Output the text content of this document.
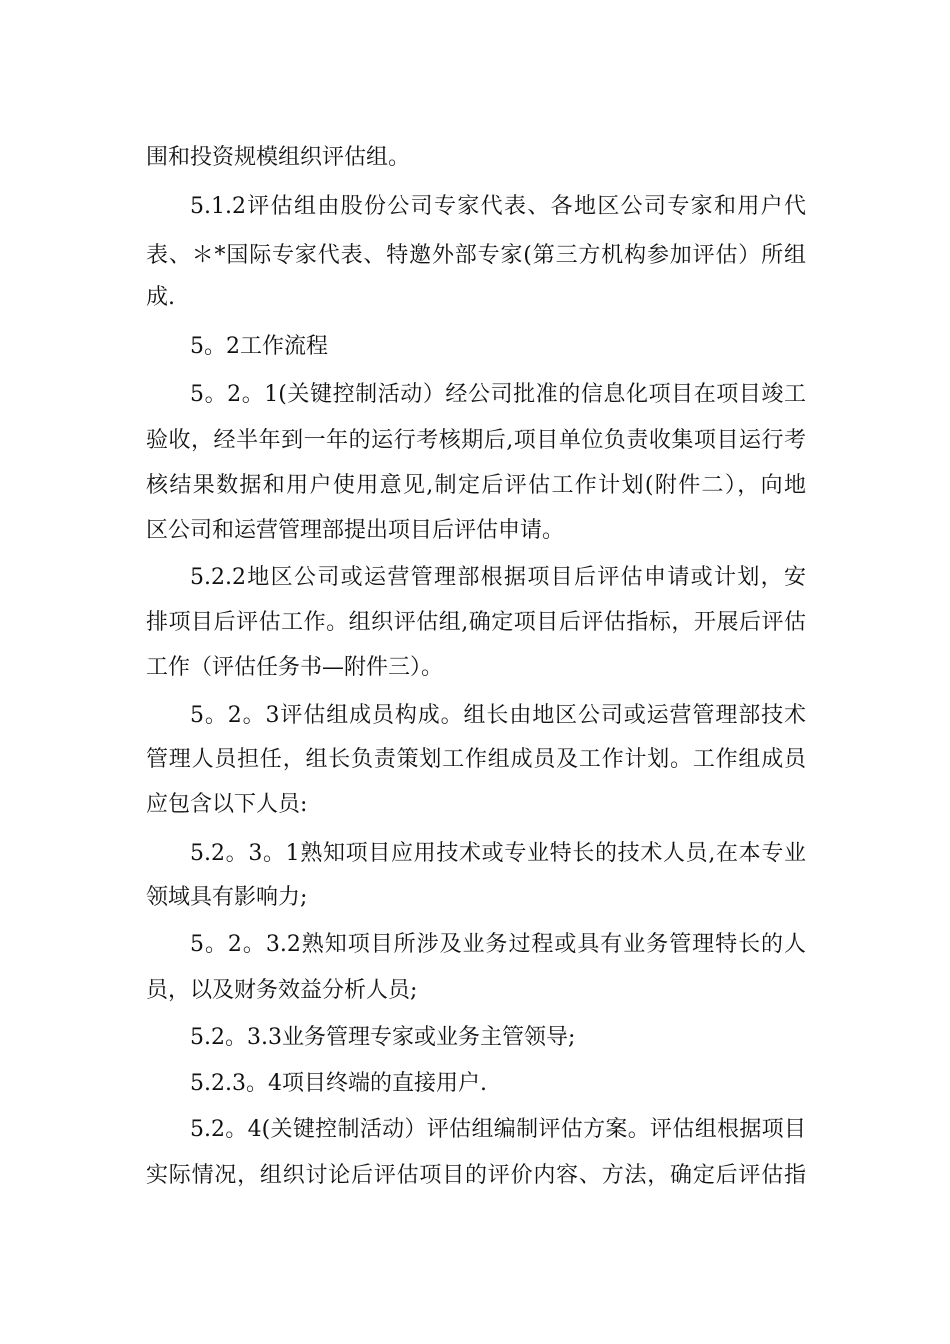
围和投资规模组织评估组。
5.1.2评估组由股份公司专家代表、各地区公司专家和用户代
表、＊*国际专家代表、特邀外部专家(第三方机构参加评估）所组
成.
5。2工作流程
5。2。1(关键控制活动）经公司批准的信息化项目在项目竣工
验收，经半年到一年的运行考核期后,项目单位负责收集项目运行考
核结果数据和用户使用意见,制定后评估工作计划(附件二），向地
区公司和运营管理部提出项目后评估申请。
5.2.2地区公司或运营管理部根据项目后评估申请或计划，安
排项目后评估工作。组织评估组,确定项目后评估指标，开展后评估
工作（评估任务书—附件三）。
5。2。3评估组成员构成。组长由地区公司或运营管理部技术
管理人员担任，组长负责策划工作组成员及工作计划。工作组成员
应包含以下人员:
5.2。3。1熟知项目应用技术或专业特长的技术人员,在本专业
领域具有影响力;
5。2。3.2熟知项目所涉及业务过程或具有业务管理特长的人
员，以及财务效益分析人员;
5.2。3.3业务管理专家或业务主管领导;
5.2.3。4项目终端的直接用户.
5.2。4(关键控制活动）评估组编制评估方案。评估组根据项目
实际情况，组织讨论后评估项目的评价内容、方法，确定后评估指
